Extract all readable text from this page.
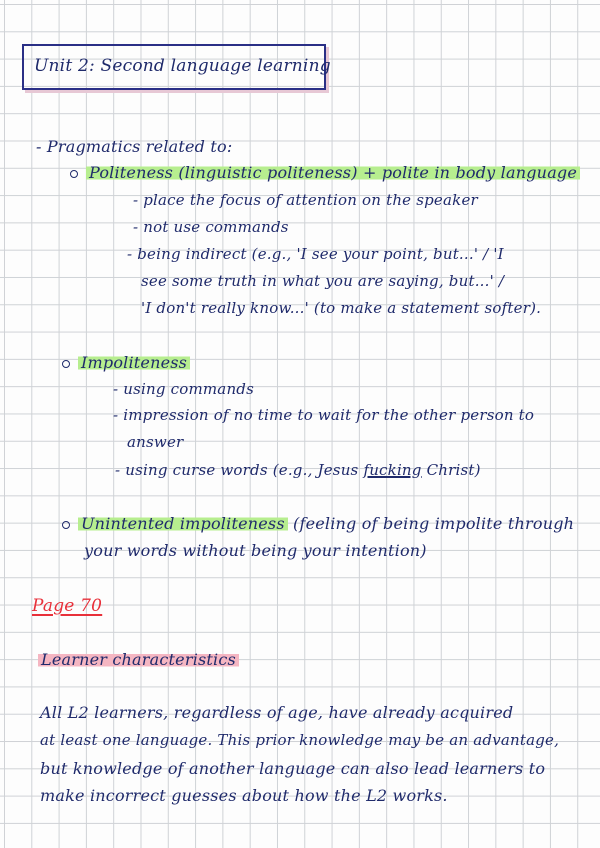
Unit 2: Second language learning
- Pragmatics related to:
Politeness (linguistic politeness) + polite in body language
- place the focus of attention on the speaker
- not use commands
- being indirect (e.g., 'I see your point, but...' / 'I
see some truth in what you are saying, but...' /
'I don't really know...' (to make a statement softer).
Impoliteness
- using commands
- impression of no time to wait for the other person to
answer
- using curse words (e.g., Jesus fucking Christ)
Unintented impoliteness (feeling of being impolite through
your words without being your intention)
Page 70
Learner characteristics
All L2 learners, regardless of age, have already acquired
at least one language. This prior knowledge may be an advantage,
but knowledge of another language can also lead learners to
make incorrect guesses about how the L2 works.
